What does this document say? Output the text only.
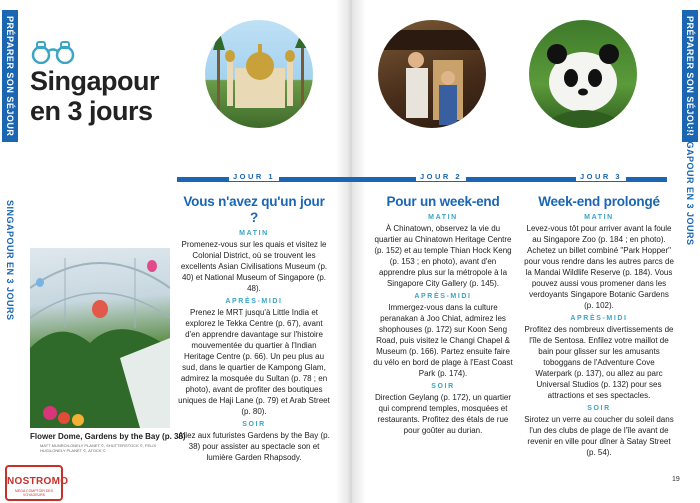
PRÉPARER SON SÉJOUR
SINGAPOUR EN 3 JOURS
PRÉPARER SON SÉJOUR
SINGAPOUR EN 3 JOURS
Singapour
en 3 jours
JOUR 1	JOUR 2	JOUR 3
Vous n'avez qu'un jour ?
MATIN

Promenez-vous sur les quais et visitez le Colonial District, où se trouvent les excellents Asian Civilisations Museum (p. 40) et National Museum of Singapore (p. 48).

APRÈS-MIDI

Prenez le MRT jusqu'à Little India et explorez le Tekka Centre (p. 67), avant d'en apprendre davantage sur l'histoire mouvementée du quartier à l'Indian Heritage Centre (p. 66). Un peu plus au sud, dans le quartier de Kampong Glam, admirez la mosquée du Sultan (p. 78 ; en photo), avant de profiter des boutiques uniques de Haji Lane (p. 79) et Arab Street (p. 80).

SOIR

Allez aux futuristes Gardens by the Bay (p. 38) pour assister au spectacle son et lumière Garden Rhapsody.

Pour un week-end
MATIN

À Chinatown, observez la vie du quartier au Chinatown Heritage Centre (p. 152) et au temple Thian Hock Keng (p. 153 ; en photo), avant d'en apprendre plus sur la métropole à la Singapore City Gallery (p. 145).

APRÈS-MIDI

Immergez-vous dans la culture peranakan à Joo Chiat, admirez les shophouses (p. 172) sur Koon Seng Road, puis visitez le Changi Chapel & Museum (p. 166). Partez ensuite faire du vélo en bord de plage à l'East Coast Park (p. 174).

SOIR

Direction Geylang (p. 172), un quartier qui comprend temples, mosquées et restaurants. Profitez des étals de rue pour goûter au durian.

Week-end prolongé
MATIN

Levez-vous tôt pour arriver avant la foule au Singapore Zoo (p. 184 ; en photo). Achetez un billet combiné "Park Hopper" pour vous rendre dans les autres parcs de la Mandai Wildlife Reserve (p. 184). Vous pouvez aussi vous promener dans les verdoyants Singapore Botanic Gardens (p. 102).

APRÈS-MIDI

Profitez des nombreux divertissements de l'île de Sentosa. Enfilez votre maillot de bain pour glisser sur les amusants toboggans de l'Adventure Cove Waterpark (p. 137), ou allez au parc Universal Studios (p. 132) pour ses attractions et ses spectacles.

SOIR

Sirotez un verre au coucher du soleil dans l'un des clubs de plage de l'île avant de revenir en ville pour dîner à Satay Street (p. 54).

Flower Dome, Gardens by the Bay (p. 38)
MATT MUNRO/LONELY PLANET ©, SHUTTERSTOCK ©, FELIX HUG/LONELY PLANET ©, ATOCK ©
NOSTROMO
MEGA COMPTOIR DES VOYAGEURS
19
